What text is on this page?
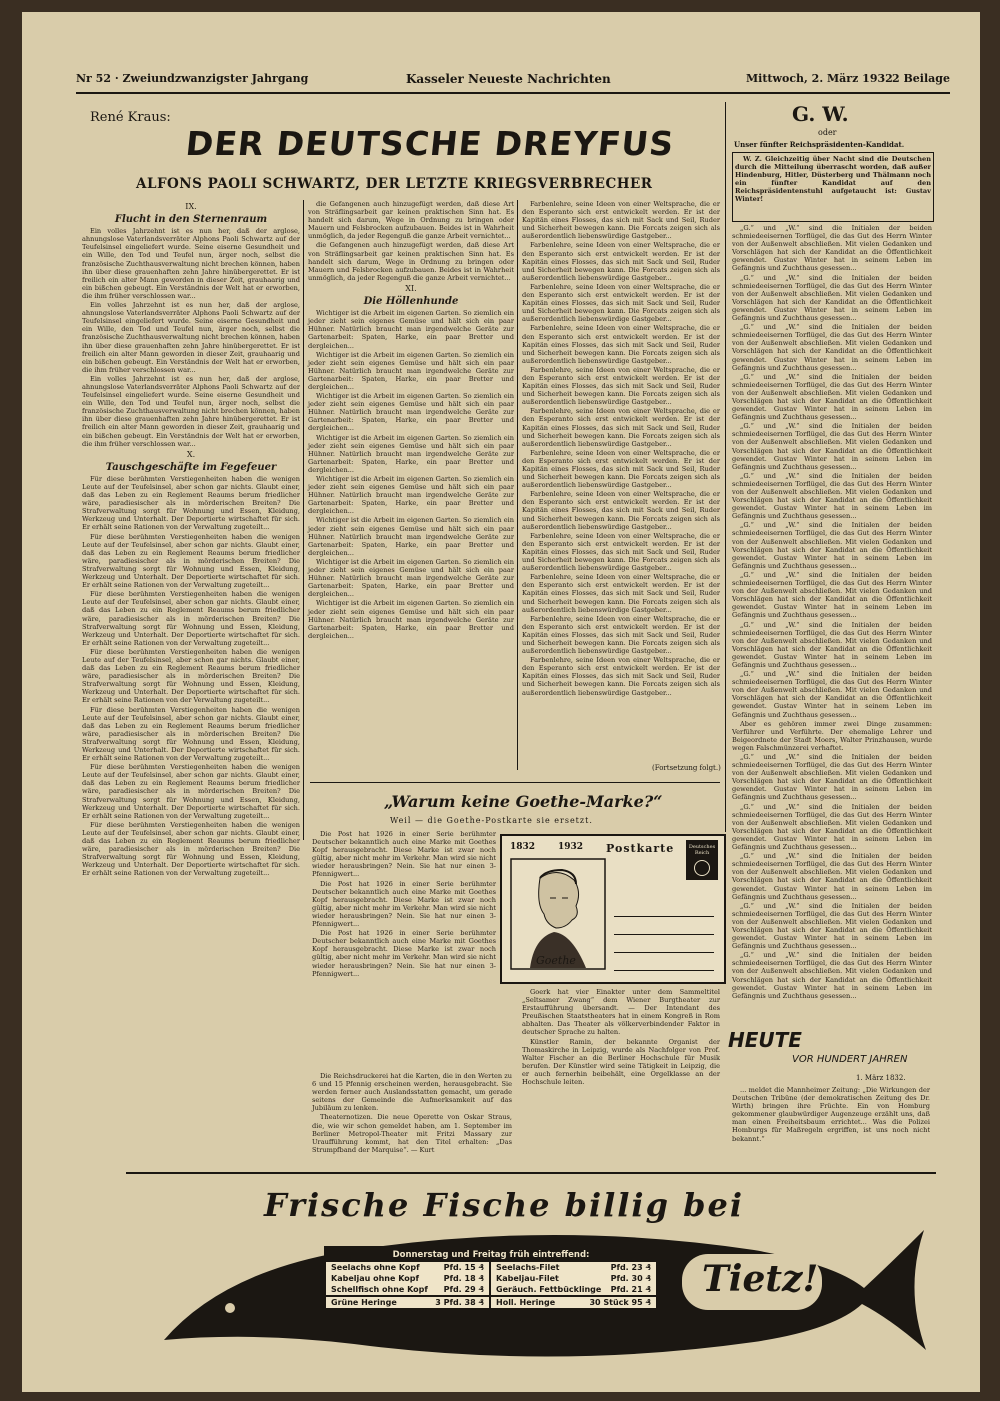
Nr 52 · Zweiundzwanzigster Jahrgang	Kasseler Neueste Nachrichten	Mittwoch, 2. März 1932 2 Beilage
René Kraus:
DER DEUTSCHE DREYFUS
ALFONS PAOLI SCHWARTZ, DER LETZTE KRIEGSVERBRECHER
IX.
Flucht in den Sternenraum

Ein volles Jahrzehnt ist es nun her, daß der arglose, ahnungslose Vaterlandsverräter Alphons Paoli Schwartz auf der Teufelsinsel eingeliefert wurde. Seine eiserne Gesundheit und ein Wille, den Tod und Teufel nun, ärger noch, selbst die französische Zuchthausverwaltung nicht brechen können, haben ihn über diese grauenhaften zehn Jahre hinübergerettet. Er ist freilich ein alter Mann geworden in dieser Zeit, grauhaarig und ein bißchen gebeugt. Ein Verständnis der Welt hat er erworben, die ihm früher verschlossen war...

Ein volles Jahrzehnt ist es nun her, daß der arglose, ahnungslose Vaterlandsverräter Alphons Paoli Schwartz auf der Teufelsinsel eingeliefert wurde. Seine eiserne Gesundheit und ein Wille, den Tod und Teufel nun, ärger noch, selbst die französische Zuchthausverwaltung nicht brechen können, haben ihn über diese grauenhaften zehn Jahre hinübergerettet. Er ist freilich ein alter Mann geworden in dieser Zeit, grauhaarig und ein bißchen gebeugt. Ein Verständnis der Welt hat er erworben, die ihm früher verschlossen war...

Ein volles Jahrzehnt ist es nun her, daß der arglose, ahnungslose Vaterlandsverräter Alphons Paoli Schwartz auf der Teufelsinsel eingeliefert wurde. Seine eiserne Gesundheit und ein Wille, den Tod und Teufel nun, ärger noch, selbst die französische Zuchthausverwaltung nicht brechen können, haben ihn über diese grauenhaften zehn Jahre hinübergerettet. Er ist freilich ein alter Mann geworden in dieser Zeit, grauhaarig und ein bißchen gebeugt. Ein Verständnis der Welt hat er erworben, die ihm früher verschlossen war...

X.
Tauschgeschäfte im Fegefeuer

Für diese berühmten Verstiegenheiten haben die wenigen Leute auf der Teufelsinsel, aber schon gar nichts. Glaubt einer, daß das Leben zu ein Reglement Reaums berum friedlicher wäre, paradiesischer als in mörderischen Breiten? Die Strafverwaltung sorgt für Wohnung und Essen, Kleidung, Werkzeug und Unterhalt. Der Deportierte wirtschaftet für sich. Er erhält seine Rationen von der Verwaltung zugeteilt...

Für diese berühmten Verstiegenheiten haben die wenigen Leute auf der Teufelsinsel, aber schon gar nichts. Glaubt einer, daß das Leben zu ein Reglement Reaums berum friedlicher wäre, paradiesischer als in mörderischen Breiten? Die Strafverwaltung sorgt für Wohnung und Essen, Kleidung, Werkzeug und Unterhalt. Der Deportierte wirtschaftet für sich. Er erhält seine Rationen von der Verwaltung zugeteilt...

Für diese berühmten Verstiegenheiten haben die wenigen Leute auf der Teufelsinsel, aber schon gar nichts. Glaubt einer, daß das Leben zu ein Reglement Reaums berum friedlicher wäre, paradiesischer als in mörderischen Breiten? Die Strafverwaltung sorgt für Wohnung und Essen, Kleidung, Werkzeug und Unterhalt. Der Deportierte wirtschaftet für sich. Er erhält seine Rationen von der Verwaltung zugeteilt...

Für diese berühmten Verstiegenheiten haben die wenigen Leute auf der Teufelsinsel, aber schon gar nichts. Glaubt einer, daß das Leben zu ein Reglement Reaums berum friedlicher wäre, paradiesischer als in mörderischen Breiten? Die Strafverwaltung sorgt für Wohnung und Essen, Kleidung, Werkzeug und Unterhalt. Der Deportierte wirtschaftet für sich. Er erhält seine Rationen von der Verwaltung zugeteilt...

Für diese berühmten Verstiegenheiten haben die wenigen Leute auf der Teufelsinsel, aber schon gar nichts. Glaubt einer, daß das Leben zu ein Reglement Reaums berum friedlicher wäre, paradiesischer als in mörderischen Breiten? Die Strafverwaltung sorgt für Wohnung und Essen, Kleidung, Werkzeug und Unterhalt. Der Deportierte wirtschaftet für sich. Er erhält seine Rationen von der Verwaltung zugeteilt...

Für diese berühmten Verstiegenheiten haben die wenigen Leute auf der Teufelsinsel, aber schon gar nichts. Glaubt einer, daß das Leben zu ein Reglement Reaums berum friedlicher wäre, paradiesischer als in mörderischen Breiten? Die Strafverwaltung sorgt für Wohnung und Essen, Kleidung, Werkzeug und Unterhalt. Der Deportierte wirtschaftet für sich. Er erhält seine Rationen von der Verwaltung zugeteilt...

Für diese berühmten Verstiegenheiten haben die wenigen Leute auf der Teufelsinsel, aber schon gar nichts. Glaubt einer, daß das Leben zu ein Reglement Reaums berum friedlicher wäre, paradiesischer als in mörderischen Breiten? Die Strafverwaltung sorgt für Wohnung und Essen, Kleidung, Werkzeug und Unterhalt. Der Deportierte wirtschaftet für sich. Er erhält seine Rationen von der Verwaltung zugeteilt...

die Gefangenen auch hinzugefügt werden, daß diese Art von Sträflingsarbeit gar keinen praktischen Sinn hat. Es handelt sich darum, Wege in Ordnung zu bringen oder Mauern und Felsbrocken aufzubauen. Beides ist in Wahrheit unmöglich, da jeder Regenguß die ganze Arbeit vernichtet...

die Gefangenen auch hinzugefügt werden, daß diese Art von Sträflingsarbeit gar keinen praktischen Sinn hat. Es handelt sich darum, Wege in Ordnung zu bringen oder Mauern und Felsbrocken aufzubauen. Beides ist in Wahrheit unmöglich, da jeder Regenguß die ganze Arbeit vernichtet...

XI.
Die Höllenhunde

Wichtiger ist die Arbeit im eigenen Garten. So ziemlich ein jeder zieht sein eigenes Gemüse und hält sich ein paar Hühner. Natürlich braucht man irgendwelche Geräte zur Gartenarbeit: Spaten, Harke, ein paar Bretter und dergleichen...

Wichtiger ist die Arbeit im eigenen Garten. So ziemlich ein jeder zieht sein eigenes Gemüse und hält sich ein paar Hühner. Natürlich braucht man irgendwelche Geräte zur Gartenarbeit: Spaten, Harke, ein paar Bretter und dergleichen...

Wichtiger ist die Arbeit im eigenen Garten. So ziemlich ein jeder zieht sein eigenes Gemüse und hält sich ein paar Hühner. Natürlich braucht man irgendwelche Geräte zur Gartenarbeit: Spaten, Harke, ein paar Bretter und dergleichen...

Wichtiger ist die Arbeit im eigenen Garten. So ziemlich ein jeder zieht sein eigenes Gemüse und hält sich ein paar Hühner. Natürlich braucht man irgendwelche Geräte zur Gartenarbeit: Spaten, Harke, ein paar Bretter und dergleichen...

Wichtiger ist die Arbeit im eigenen Garten. So ziemlich ein jeder zieht sein eigenes Gemüse und hält sich ein paar Hühner. Natürlich braucht man irgendwelche Geräte zur Gartenarbeit: Spaten, Harke, ein paar Bretter und dergleichen...

Wichtiger ist die Arbeit im eigenen Garten. So ziemlich ein jeder zieht sein eigenes Gemüse und hält sich ein paar Hühner. Natürlich braucht man irgendwelche Geräte zur Gartenarbeit: Spaten, Harke, ein paar Bretter und dergleichen...

Wichtiger ist die Arbeit im eigenen Garten. So ziemlich ein jeder zieht sein eigenes Gemüse und hält sich ein paar Hühner. Natürlich braucht man irgendwelche Geräte zur Gartenarbeit: Spaten, Harke, ein paar Bretter und dergleichen...

Wichtiger ist die Arbeit im eigenen Garten. So ziemlich ein jeder zieht sein eigenes Gemüse und hält sich ein paar Hühner. Natürlich braucht man irgendwelche Geräte zur Gartenarbeit: Spaten, Harke, ein paar Bretter und dergleichen...

Farbenlehre, seine Ideen von einer Weltsprache, die er den Esperanto sich erst entwickelt werden. Er ist der Kapitän eines Flosses, das sich mit Sack und Seil, Ruder und Sicherheit bewegen kann. Die Forcats zeigen sich als außerordentlich liebenswürdige Gastgeber...

Farbenlehre, seine Ideen von einer Weltsprache, die er den Esperanto sich erst entwickelt werden. Er ist der Kapitän eines Flosses, das sich mit Sack und Seil, Ruder und Sicherheit bewegen kann. Die Forcats zeigen sich als außerordentlich liebenswürdige Gastgeber...

Farbenlehre, seine Ideen von einer Weltsprache, die er den Esperanto sich erst entwickelt werden. Er ist der Kapitän eines Flosses, das sich mit Sack und Seil, Ruder und Sicherheit bewegen kann. Die Forcats zeigen sich als außerordentlich liebenswürdige Gastgeber...

Farbenlehre, seine Ideen von einer Weltsprache, die er den Esperanto sich erst entwickelt werden. Er ist der Kapitän eines Flosses, das sich mit Sack und Seil, Ruder und Sicherheit bewegen kann. Die Forcats zeigen sich als außerordentlich liebenswürdige Gastgeber...

Farbenlehre, seine Ideen von einer Weltsprache, die er den Esperanto sich erst entwickelt werden. Er ist der Kapitän eines Flosses, das sich mit Sack und Seil, Ruder und Sicherheit bewegen kann. Die Forcats zeigen sich als außerordentlich liebenswürdige Gastgeber...

Farbenlehre, seine Ideen von einer Weltsprache, die er den Esperanto sich erst entwickelt werden. Er ist der Kapitän eines Flosses, das sich mit Sack und Seil, Ruder und Sicherheit bewegen kann. Die Forcats zeigen sich als außerordentlich liebenswürdige Gastgeber...

Farbenlehre, seine Ideen von einer Weltsprache, die er den Esperanto sich erst entwickelt werden. Er ist der Kapitän eines Flosses, das sich mit Sack und Seil, Ruder und Sicherheit bewegen kann. Die Forcats zeigen sich als außerordentlich liebenswürdige Gastgeber...

Farbenlehre, seine Ideen von einer Weltsprache, die er den Esperanto sich erst entwickelt werden. Er ist der Kapitän eines Flosses, das sich mit Sack und Seil, Ruder und Sicherheit bewegen kann. Die Forcats zeigen sich als außerordentlich liebenswürdige Gastgeber...

Farbenlehre, seine Ideen von einer Weltsprache, die er den Esperanto sich erst entwickelt werden. Er ist der Kapitän eines Flosses, das sich mit Sack und Seil, Ruder und Sicherheit bewegen kann. Die Forcats zeigen sich als außerordentlich liebenswürdige Gastgeber...

Farbenlehre, seine Ideen von einer Weltsprache, die er den Esperanto sich erst entwickelt werden. Er ist der Kapitän eines Flosses, das sich mit Sack und Seil, Ruder und Sicherheit bewegen kann. Die Forcats zeigen sich als außerordentlich liebenswürdige Gastgeber...

Farbenlehre, seine Ideen von einer Weltsprache, die er den Esperanto sich erst entwickelt werden. Er ist der Kapitän eines Flosses, das sich mit Sack und Seil, Ruder und Sicherheit bewegen kann. Die Forcats zeigen sich als außerordentlich liebenswürdige Gastgeber...

Farbenlehre, seine Ideen von einer Weltsprache, die er den Esperanto sich erst entwickelt werden. Er ist der Kapitän eines Flosses, das sich mit Sack und Seil, Ruder und Sicherheit bewegen kann. Die Forcats zeigen sich als außerordentlich liebenswürdige Gastgeber...

(Fortsetzung folgt.)
G. W.
oder
Unser fünfter Reichspräsidenten-Kandidat.

W. Z. Gleichzeitig über Nacht sind die Deutschen durch die Mitteilung überrascht worden, daß außer Hindenburg, Hitler, Düsterberg und Thälmann noch ein fünfter Kandidat auf den Reichspräsidentenstuhl aufgetaucht ist: Gustav Winter!

„G.“ und „W.“ sind die Initialen der beiden schmiedeeisernen Torflügel, die das Gut des Herrn Winter von der Außenwelt abschließen. Mit vielen Gedanken und Vorschlägen hat sich der Kandidat an die Öffentlichkeit gewendet. Gustav Winter hat in seinem Leben im Gefängnis und Zuchthaus gesessen...

„G.“ und „W.“ sind die Initialen der beiden schmiedeeisernen Torflügel, die das Gut des Herrn Winter von der Außenwelt abschließen. Mit vielen Gedanken und Vorschlägen hat sich der Kandidat an die Öffentlichkeit gewendet. Gustav Winter hat in seinem Leben im Gefängnis und Zuchthaus gesessen...

„G.“ und „W.“ sind die Initialen der beiden schmiedeeisernen Torflügel, die das Gut des Herrn Winter von der Außenwelt abschließen. Mit vielen Gedanken und Vorschlägen hat sich der Kandidat an die Öffentlichkeit gewendet. Gustav Winter hat in seinem Leben im Gefängnis und Zuchthaus gesessen...

„G.“ und „W.“ sind die Initialen der beiden schmiedeeisernen Torflügel, die das Gut des Herrn Winter von der Außenwelt abschließen. Mit vielen Gedanken und Vorschlägen hat sich der Kandidat an die Öffentlichkeit gewendet. Gustav Winter hat in seinem Leben im Gefängnis und Zuchthaus gesessen...

„G.“ und „W.“ sind die Initialen der beiden schmiedeeisernen Torflügel, die das Gut des Herrn Winter von der Außenwelt abschließen. Mit vielen Gedanken und Vorschlägen hat sich der Kandidat an die Öffentlichkeit gewendet. Gustav Winter hat in seinem Leben im Gefängnis und Zuchthaus gesessen...

„G.“ und „W.“ sind die Initialen der beiden schmiedeeisernen Torflügel, die das Gut des Herrn Winter von der Außenwelt abschließen. Mit vielen Gedanken und Vorschlägen hat sich der Kandidat an die Öffentlichkeit gewendet. Gustav Winter hat in seinem Leben im Gefängnis und Zuchthaus gesessen...

„G.“ und „W.“ sind die Initialen der beiden schmiedeeisernen Torflügel, die das Gut des Herrn Winter von der Außenwelt abschließen. Mit vielen Gedanken und Vorschlägen hat sich der Kandidat an die Öffentlichkeit gewendet. Gustav Winter hat in seinem Leben im Gefängnis und Zuchthaus gesessen...

„G.“ und „W.“ sind die Initialen der beiden schmiedeeisernen Torflügel, die das Gut des Herrn Winter von der Außenwelt abschließen. Mit vielen Gedanken und Vorschlägen hat sich der Kandidat an die Öffentlichkeit gewendet. Gustav Winter hat in seinem Leben im Gefängnis und Zuchthaus gesessen...

„G.“ und „W.“ sind die Initialen der beiden schmiedeeisernen Torflügel, die das Gut des Herrn Winter von der Außenwelt abschließen. Mit vielen Gedanken und Vorschlägen hat sich der Kandidat an die Öffentlichkeit gewendet. Gustav Winter hat in seinem Leben im Gefängnis und Zuchthaus gesessen...

„G.“ und „W.“ sind die Initialen der beiden schmiedeeisernen Torflügel, die das Gut des Herrn Winter von der Außenwelt abschließen. Mit vielen Gedanken und Vorschlägen hat sich der Kandidat an die Öffentlichkeit gewendet. Gustav Winter hat in seinem Leben im Gefängnis und Zuchthaus gesessen...

Aber es gehören immer zwei Dinge zusammen: Verführer und Verführte. Der ehemalige Lehrer und Beigeordnete der Stadt Moers, Walter Prinzhausen, wurde wegen Falschmünzerei verhaftet.

„G.“ und „W.“ sind die Initialen der beiden schmiedeeisernen Torflügel, die das Gut des Herrn Winter von der Außenwelt abschließen. Mit vielen Gedanken und Vorschlägen hat sich der Kandidat an die Öffentlichkeit gewendet. Gustav Winter hat in seinem Leben im Gefängnis und Zuchthaus gesessen...

„G.“ und „W.“ sind die Initialen der beiden schmiedeeisernen Torflügel, die das Gut des Herrn Winter von der Außenwelt abschließen. Mit vielen Gedanken und Vorschlägen hat sich der Kandidat an die Öffentlichkeit gewendet. Gustav Winter hat in seinem Leben im Gefängnis und Zuchthaus gesessen...

„G.“ und „W.“ sind die Initialen der beiden schmiedeeisernen Torflügel, die das Gut des Herrn Winter von der Außenwelt abschließen. Mit vielen Gedanken und Vorschlägen hat sich der Kandidat an die Öffentlichkeit gewendet. Gustav Winter hat in seinem Leben im Gefängnis und Zuchthaus gesessen...

„G.“ und „W.“ sind die Initialen der beiden schmiedeeisernen Torflügel, die das Gut des Herrn Winter von der Außenwelt abschließen. Mit vielen Gedanken und Vorschlägen hat sich der Kandidat an die Öffentlichkeit gewendet. Gustav Winter hat in seinem Leben im Gefängnis und Zuchthaus gesessen...

„G.“ und „W.“ sind die Initialen der beiden schmiedeeisernen Torflügel, die das Gut des Herrn Winter von der Außenwelt abschließen. Mit vielen Gedanken und Vorschlägen hat sich der Kandidat an die Öffentlichkeit gewendet. Gustav Winter hat in seinem Leben im Gefängnis und Zuchthaus gesessen...

HEUTE
VOR HUNDERT JAHREN
1. März 1832.

... meldet die Mannheimer Zeitung: „Die Wirkungen der Deutschen Tribüne (der demokratischen Zeitung des Dr. Wirth) bringen ihre Früchte. Ein von Homburg gekommener glaubwürdiger Augenzeuge erzählt uns, daß man einen Freiheitsbaum errichtet... Was die Polizei Homburgs für Maßregeln ergriffen, ist uns noch nicht bekannt.“

„Warum keine Goethe-Marke?“
Weil — die Goethe-Postkarte sie ersetzt.

Die Post hat 1926 in einer Serie berühmter Deutscher bekanntlich auch eine Marke mit Goethes Kopf herausgebracht. Diese Marke ist zwar noch gültig, aber nicht mehr im Verkehr. Man wird sie nicht wieder herausbringen? Nein. Sie hat nur einen 3-Pfennigwert...

Die Post hat 1926 in einer Serie berühmter Deutscher bekanntlich auch eine Marke mit Goethes Kopf herausgebracht. Diese Marke ist zwar noch gültig, aber nicht mehr im Verkehr. Man wird sie nicht wieder herausbringen? Nein. Sie hat nur einen 3-Pfennigwert...

Die Post hat 1926 in einer Serie berühmter Deutscher bekanntlich auch eine Marke mit Goethes Kopf herausgebracht. Diese Marke ist zwar noch gültig, aber nicht mehr im Verkehr. Man wird sie nicht wieder herausbringen? Nein. Sie hat nur einen 3-Pfennigwert...

1832	1932 Postkarte	Deutsches Reich
Goethe

Die Reichsdruckerei hat die Karten, die in den Werten zu 6 und 15 Pfennig erscheinen werden, herausgebracht. Sie werden ferner auch Auslandsstatten gemacht, um gerade seitens der Gemeinde die Aufmerksamkeit auf das Jubiläum zu lenken.

Theaternotizen. Die neue Operette von Oskar Straus, die, wie wir schon gemeldet haben, am 1. September im Berliner Metropol-Theater mit Fritzi Massary zur Uraufführung kommt, hat den Titel erhalten: „Das Strumpfband der Marquise“. — Kurt

Goerk hat vier Einakter unter dem Sammeltitel „Seltsamer Zwang“ dem Wiener Burgtheater zur Erstaufführung übersandt. — Der Intendant des Preußischen Staatstheaters hat in einem Kongreß in Rom abhalten. Das Theater als völkerverbindender Faktor in deutscher Sprache zu halten.

Künstler Ramin, der bekannte Organist der Thomaskirche in Leipzig, wurde als Nachfolger von Prof. Walter Fischer an die Berliner Hochschule für Musik berufen. Der Künstler wird seine Tätigkeit in Leipzig, die er auch fernerhin beibehält, eine Orgelklasse an der Hochschule leiten.

Frische Fische billig bei
Donnerstag und Freitag früh eintreffend:
Seelachs ohne Kopf	Pfd. 15 ₰
Kabeljau ohne Kopf	Pfd. 18 ₰
Schellfisch ohne Kopf Pfd. 29 ₰
Seelachs-Filet	Pfd. 23 ₰
Kabeljau-Filet	Pfd. 30 ₰
Geräuch. Fettbücklinge Pfd. 21 ₰
Grüne Heringe	3 Pfd. 38 ₰ Holl. Heringe	30 Stück 95 ₰
Tietz!
